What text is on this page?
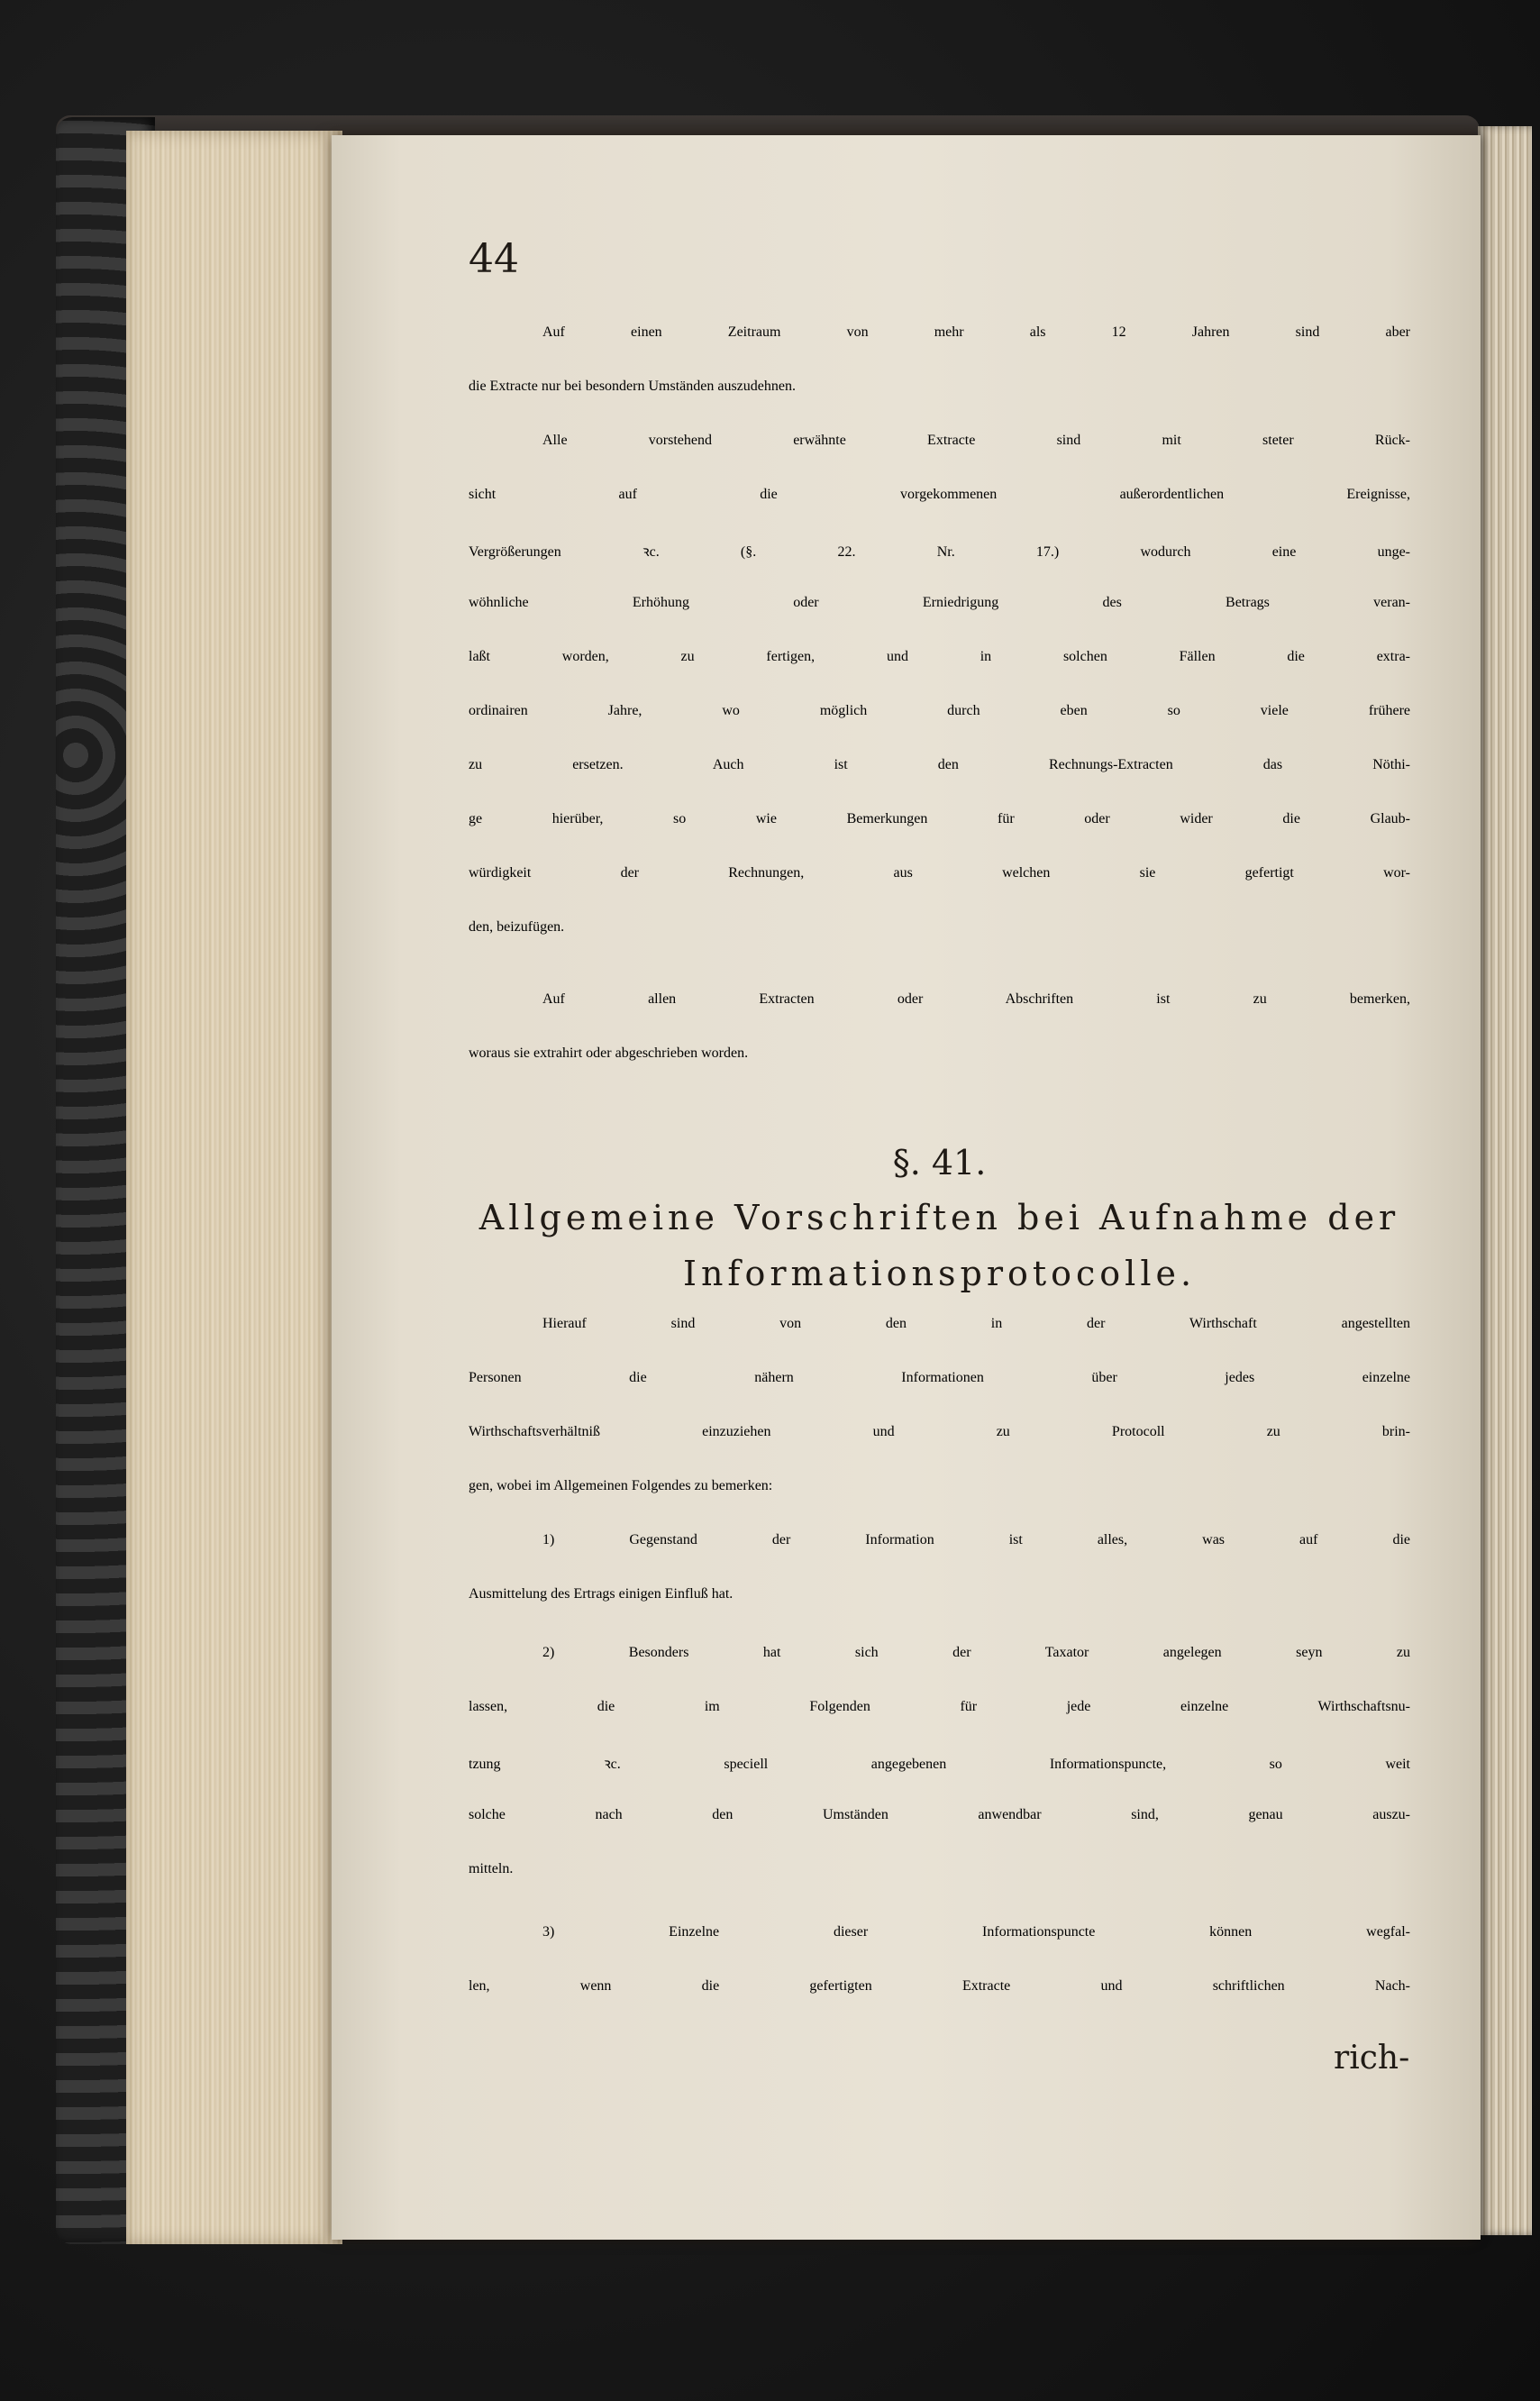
44
Auf einen Zeitraum von mehr als 12 Jahren sind aber
die Extracte nur bei besondern Umständen auszudehnen.
Alle vorstehend erwähnte Extracte sind mit steter Rück-
sicht auf die vorgekommenen außerordentlichen Ereignisse,
Vergrößerungen ꝛc. (§. 22. Nr. 17.) wodurch eine unge-
wöhnliche Erhöhung oder Erniedrigung des Betrags veran-
laßt worden, zu fertigen, und in solchen Fällen die extra-
ordinairen Jahre, wo möglich durch eben so viele frühere
zu ersetzen. Auch ist den Rechnungs-Extracten das Nöthi-
ge hierüber, so wie Bemerkungen für oder wider die Glaub-
würdigkeit der Rechnungen, aus welchen sie gefertigt wor-
den, beizufügen.
Auf allen Extracten oder Abschriften ist zu bemerken,
woraus sie extrahirt oder abgeschrieben worden.
§. 41.
Allgemeine Vorschriften bei Aufnahme der
Informationsprotocolle.
Hierauf sind von den in der Wirthschaft angestellten
Personen die nähern Informationen über jedes einzelne
Wirthschaftsverhältniß einzuziehen und zu Protocoll zu brin-
gen, wobei im Allgemeinen Folgendes zu bemerken:
1) Gegenstand der Information ist alles, was auf die
Ausmittelung des Ertrags einigen Einfluß hat.
2) Besonders hat sich der Taxator angelegen seyn zu
lassen, die im Folgenden für jede einzelne Wirthschaftsnu-
tzung ꝛc. speciell angegebenen Informationspuncte, so weit
solche nach den Umständen anwendbar sind, genau auszu-
mitteln.
3) Einzelne dieser Informationspuncte können wegfal-
len, wenn die gefertigten Extracte und schriftlichen Nach-
rich-
